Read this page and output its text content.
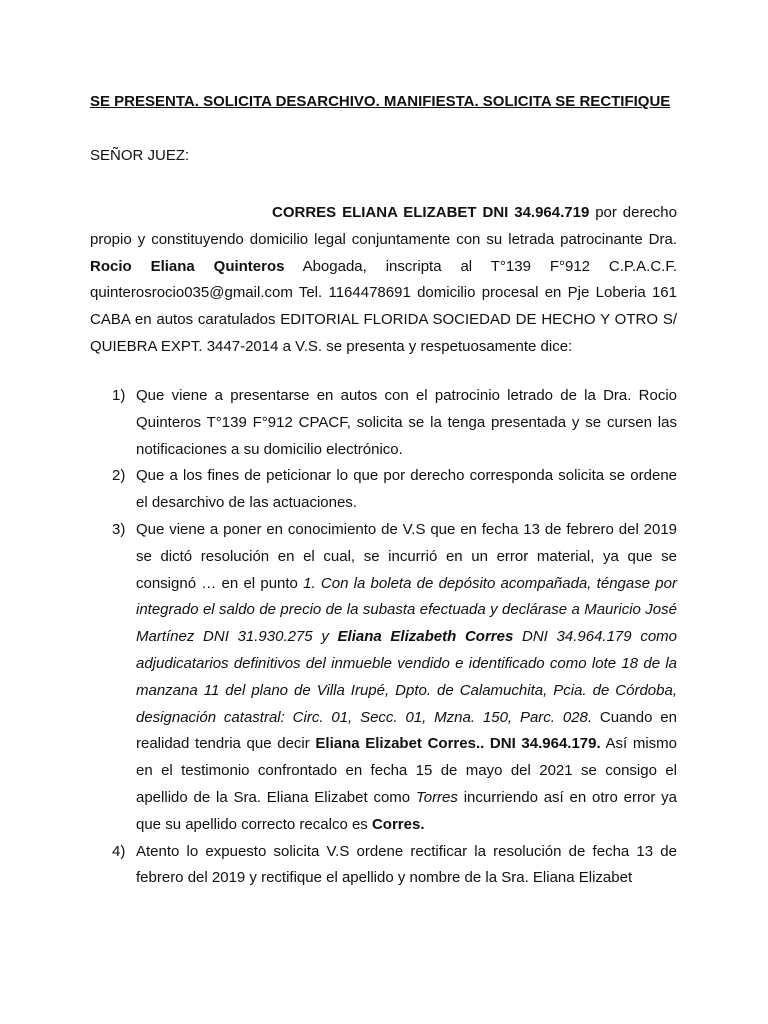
SE PRESENTA. SOLICITA DESARCHIVO. MANIFIESTA. SOLICITA SE RECTIFIQUE
SEÑOR JUEZ:
CORRES ELIANA ELIZABET DNI 34.964.719 por derecho propio y constituyendo domicilio legal conjuntamente con su letrada patrocinante Dra. Rocio Eliana Quinteros Abogada, inscripta al T°139 F°912 C.P.A.C.F. quinterosrocio035@gmail.com Tel. 1164478691 domicilio procesal en Pje Loberia 161 CABA en autos caratulados EDITORIAL FLORIDA SOCIEDAD DE HECHO Y OTRO S/ QUIEBRA EXPT. 3447-2014 a V.S. se presenta y respetuosamente dice:
1) Que viene a presentarse en autos con el patrocinio letrado de la Dra. Rocio Quinteros T°139 F°912 CPACF, solicita se la tenga presentada y se cursen las notificaciones a su domicilio electrónico.
2) Que a los fines de peticionar lo que por derecho corresponda solicita se ordene el desarchivo de las actuaciones.
3) Que viene a poner en conocimiento de V.S que en fecha 13 de febrero del 2019 se dictó resolución en el cual, se incurrió en un error material, ya que se consignó … en el punto 1. Con la boleta de depósito acompañada, téngase por integrado el saldo de precio de la subasta efectuada y declárase a Mauricio José Martínez DNI 31.930.275 y Eliana Elizabeth Corres DNI 34.964.179 como adjudicatarios definitivos del inmueble vendido e identificado como lote 18 de la manzana 11 del plano de Villa Irupé, Dpto. de Calamuchita, Pcia. de Córdoba, designación catastral: Circ. 01, Secc. 01, Mzna. 150, Parc. 028. Cuando en realidad tendria que decir Eliana Elizabet Corres.. DNI 34.964.179. Así mismo en el testimonio confrontado en fecha 15 de mayo del 2021 se consigo el apellido de la Sra. Eliana Elizabet como Torres incurriendo así en otro error ya que su apellido correcto recalco es Corres.
4) Atento lo expuesto solicita V.S ordene rectificar la resolución de fecha 13 de febrero del 2019 y rectifique el apellido y nombre de la Sra. Eliana Elizabet
